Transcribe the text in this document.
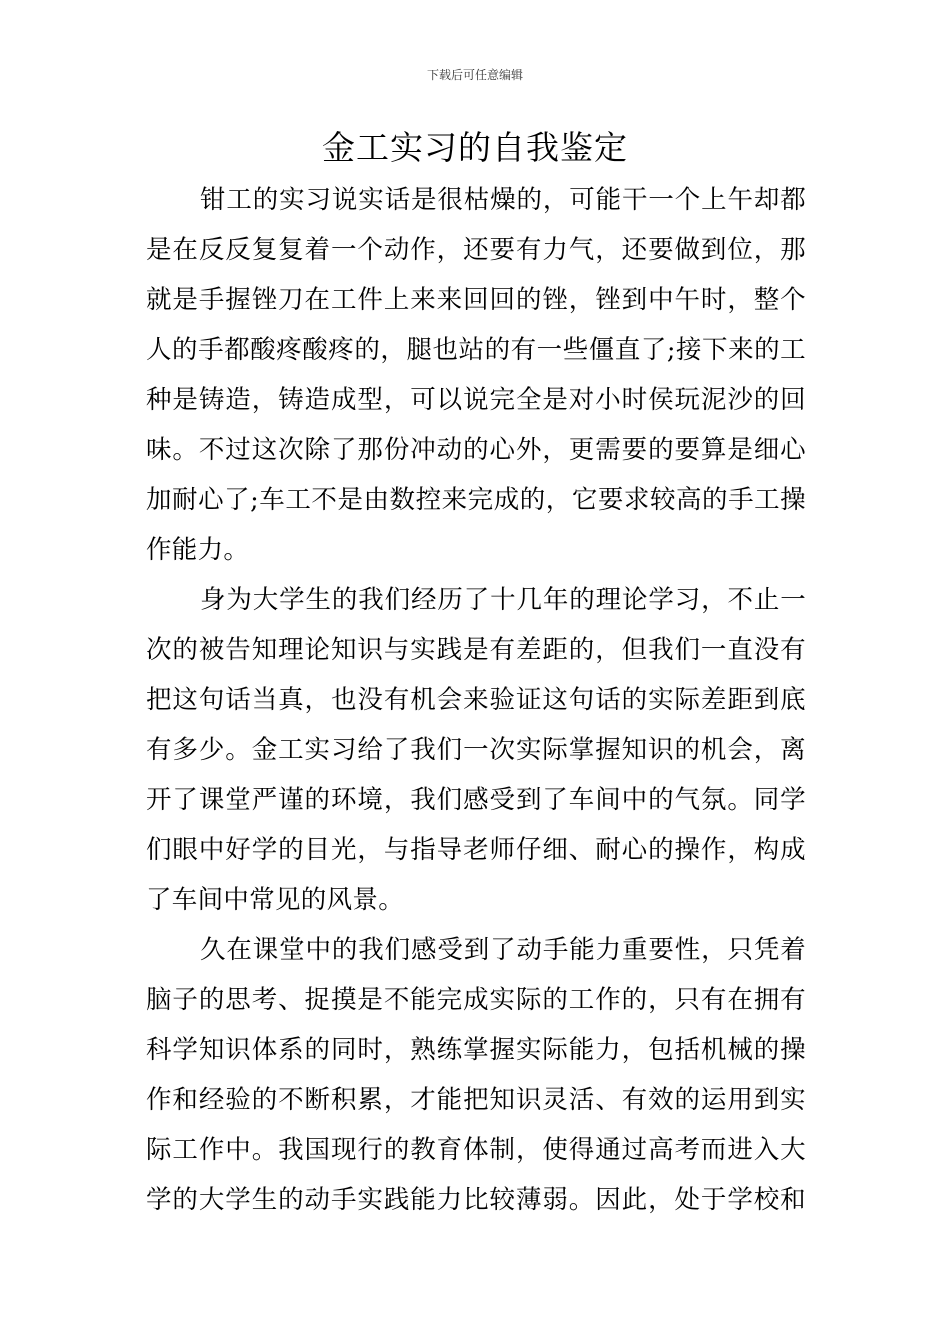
下载后可任意编辑
金工实习的自我鉴定
钳工的实习说实话是很枯燥的，可能干一个上午却都
是在反反复复着一个动作，还要有力气，还要做到位，那
就是手握锉刀在工件上来来回回的锉，锉到中午时，整个
人的手都酸疼酸疼的，腿也站的有一些僵直了;接下来的工
种是铸造，铸造成型，可以说完全是对小时侯玩泥沙的回
味。不过这次除了那份冲动的心外，更需要的要算是细心
加耐心了;车工不是由数控来完成的，它要求较高的手工操
作能力。
身为大学生的我们经历了十几年的理论学习，不止一
次的被告知理论知识与实践是有差距的，但我们一直没有
把这句话当真，也没有机会来验证这句话的实际差距到底
有多少。金工实习给了我们一次实际掌握知识的机会，离
开了课堂严谨的环境，我们感受到了车间中的气氛。同学
们眼中好学的目光，与指导老师仔细、耐心的操作，构成
了车间中常见的风景。
久在课堂中的我们感受到了动手能力重要性，只凭着
脑子的思考、捉摸是不能完成实际的工作的，只有在拥有
科学知识体系的同时，熟练掌握实际能力，包括机械的操
作和经验的不断积累，才能把知识灵活、有效的运用到实
际工作中。我国现行的教育体制，使得通过高考而进入大
学的大学生的动手实践能力比较薄弱。因此，处于学校和
